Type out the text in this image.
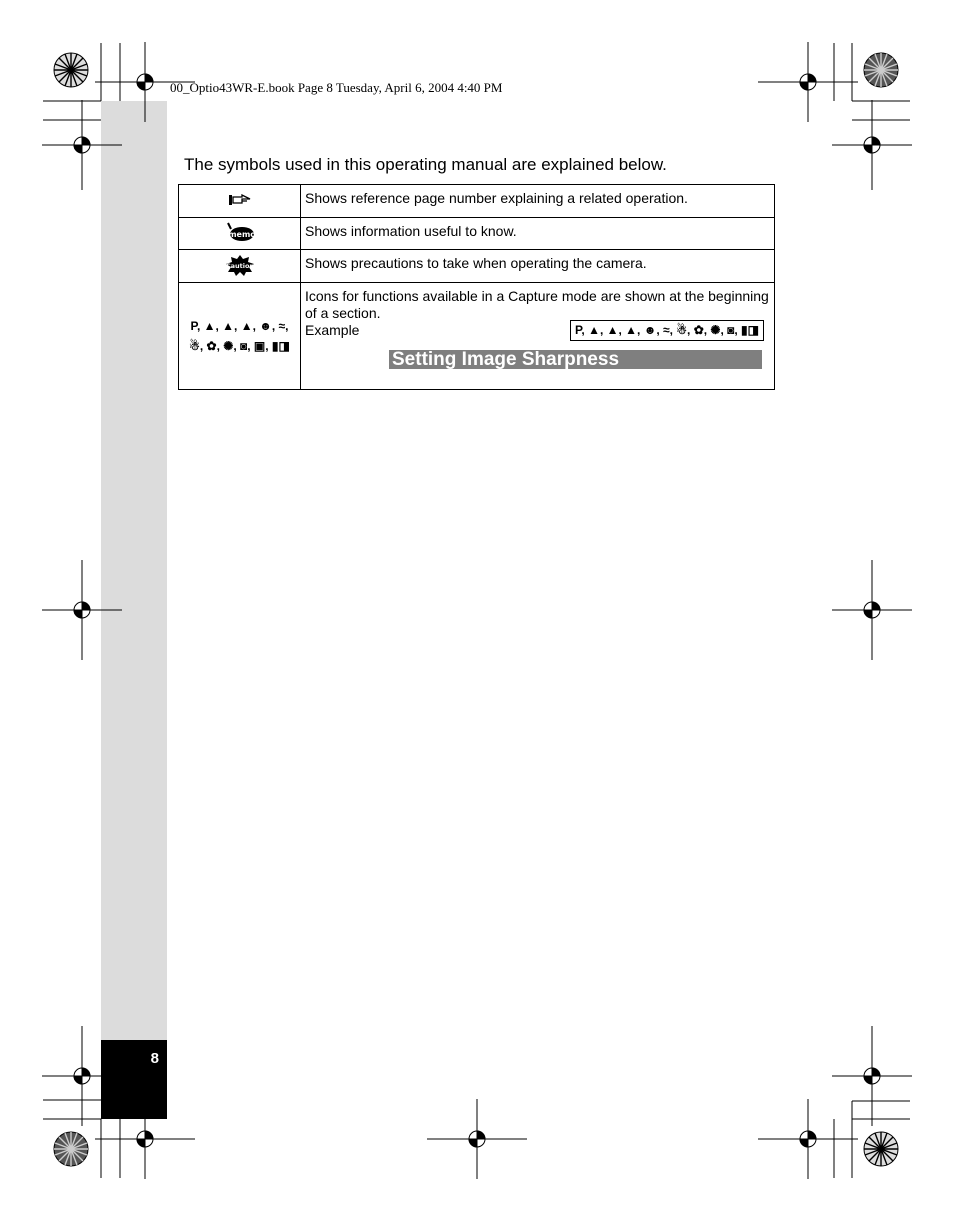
8
00_Optio43WR-E.book Page 8 Tuesday, April 6, 2004 4:40 PM
The symbols used in this operating manual are explained below.
	Shows reference page number explaining a related operation.

memo	Shows information useful to know.

Caution	Shows precautions to take when operating the camera.

P, ▲, ▲, ▲, ☻, ≈, ☃, ✿, ✺, ◙, ▣, ▮◨	Icons for functions available in a Capture mode are shown at the beginning of a section.
P, ▲, ▲, ▲, ☻, ≈, ☃, ✿, ✺, ◙, ▮◨
Example
Setting Image Sharpness
